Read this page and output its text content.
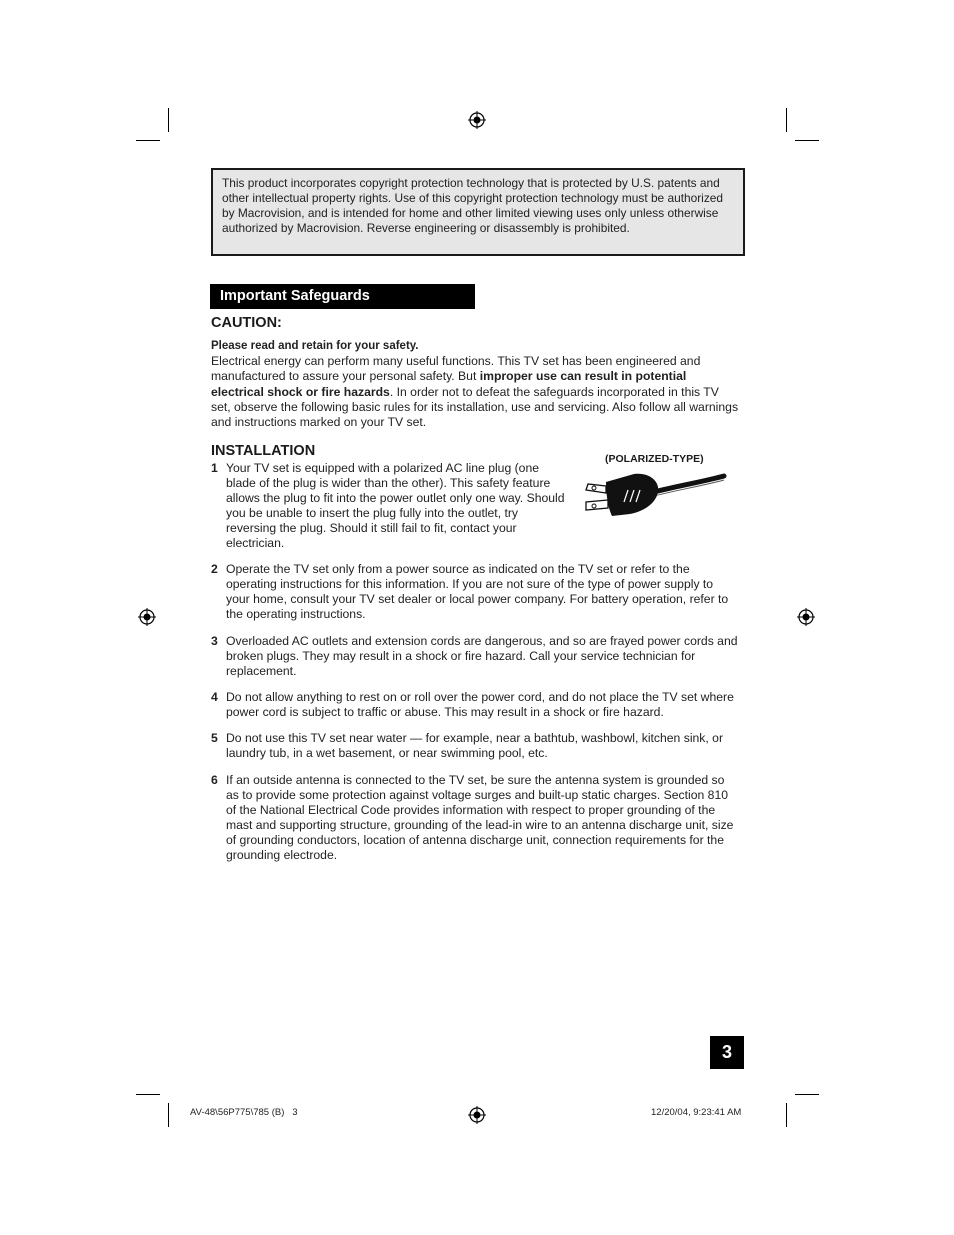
This product incorporates copyright protection technology that is protected by U.S. patents and other intellectual property rights. Use of this copyright protection technology must be authorized by Macrovision, and is intended for home and other limited viewing uses only unless otherwise authorized by Macrovision. Reverse engineering or disassembly is prohibited.
Important Safeguards
CAUTION:
Please read and retain for your safety.
Electrical energy can perform many useful functions. This TV set has been engineered and manufactured to assure your personal safety. But improper use can result in potential electrical shock or fire hazards. In order not to defeat the safeguards incorporated in this TV set, observe the following basic rules for its installation, use and servicing. Also follow all warnings and instructions marked on your TV set.
INSTALLATION	(POLARIZED-TYPE)
1 Your TV set is equipped with a polarized AC line plug (one blade of the plug is wider than the other). This safety feature allows the plug to fit into the power outlet only one way. Should you be unable to insert the plug fully into the outlet, try reversing the plug. Should it still fail to fit, contact your electrician.
2 Operate the TV set only from a power source as indicated on the TV set or refer to the operating instructions for this information. If you are not sure of the type of power supply to your home, consult your TV set dealer or local power company. For battery operation, refer to the operating instructions.
3 Overloaded AC outlets and extension cords are dangerous, and so are frayed power cords and broken plugs. They may result in a shock or fire hazard. Call your service technician for replacement.
4 Do not allow anything to rest on or roll over the power cord, and do not place the TV set where power cord is subject to traffic or abuse. This may result in a shock or fire hazard.
5 Do not use this TV set near water — for example, near a bathtub, washbowl, kitchen sink, or laundry tub, in a wet basement, or near swimming pool, etc.
6 If an outside antenna is connected to the TV set, be sure the antenna system is grounded so as to provide some protection against voltage surges and built-up static charges. Section 810 of the National Electrical Code provides information with respect to proper grounding of the mast and supporting structure, grounding of the lead-in wire to an antenna discharge unit, size of grounding conductors, location of antenna discharge unit, connection requirements for the grounding electrode.
3
AV-48\56P775\785 (B)   3	12/20/04, 9:23:41 AM
